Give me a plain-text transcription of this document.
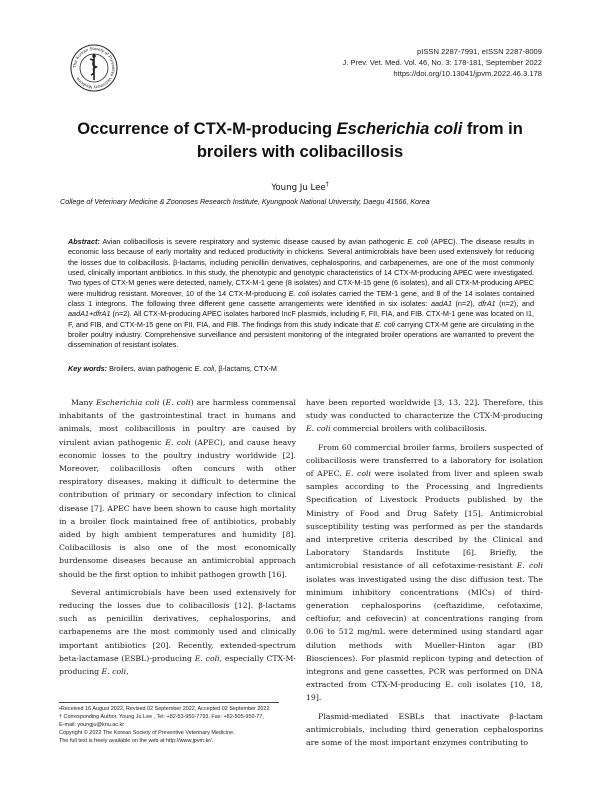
The Korean Society of Preventive Veterinary Medicine
pISSN 2287-7991, eISSN 2287-8009
J. Prev. Vet. Med. Vol. 46, No. 3: 178-181, September 2022
https://doi.org/10.13041/jpvm.2022.46.3.178
Occurrence of CTX-M-producing Escherichia coli from in
broilers with colibacillosis
Young Ju Lee†
College of Veterinary Medicine & Zoonoses Research Institute, Kyungpook National University, Daegu 41566, Korea
Abstract: Avian colibacillosis is severe respiratory and systemic disease caused by avian pathogenic E. coli (APEC). The disease results in economic loss because of early mortality and reduced productivity in chickens. Several antimicrobials have been used extensively for reducing the losses due to colibacillosis. β-lactams, including penicillin derivatives, cephalosporins, and carbapenemes, are one of the most commonly used, clinically important antibiotics. In this study, the phenotypic and genotypic characteristics of 14 CTX-M-producing APEC were investigated. Two types of CTX-M genes were detected, namely, CTX-M-1 gene (8 isolates) and CTX-M-15 gene (6 isolates), and all CTX-M-producing APEC were multidrug resistant. Moreover, 10 of the 14 CTX-M-producing E. coli isolates carried the TEM-1 gene, and 8 of the 14 isolates contained class 1 integrons. The following three different gene cassette arrangements were identified in six isolates: aadA1 (n=2), dfrA1 (n=2), and aadA1+dfrA1 (n=2). All CTX-M-producing APEC isolates harbored IncF plasmids, including F, FII, FIA, and FIB. CTX-M-1 gene was located on I1, F, and FIB, and CTX-M-15 gene on FII, FIA, and FIB. The findings from this study indicate that E. coli carrying CTX-M gene are circulating in the broiler poultry industry. Comprehensive surveillance and persistent monitoring of the integrated broiler operations are warranted to prevent the dissemination of resistant isolates.
Key words: Broilers, avian pathogenic E. coli, β-lactams, CTX-M

Many Escherichia coli (E. coli) are harmless commensal inhabitants of the gastrointestinal tract in humans and animals, most colibacillosis in poultry are caused by virulent avian pathogenic E. coli (APEC), and cause heavy economic losses to the poultry industry worldwide [2]. Moreover, colibacillosis often concurs with other respiratory diseases, making it difficult to determine the contribution of primary or secondary infection to clinical disease [7]. APEC have been shown to cause high mortality in a broiler flock maintained free of antibiotics, probably aided by high ambient temperatures and humidity [8]. Colibacillosis is also one of the most economically burdensome diseases because an antimicrobial approach should be the first option to inhibit pathogen growth [16].

Several antimicrobials have been used extensively for reducing the losses due to colibacillosis [12]. β-lactams such as penicillin derivatives, cephalosporins, and carbapenems are the most commonly used and clinically important antibiotics [20]. Recently, extended-spectrum beta-lactamase (ESBL)-producing E. coli, especially CTX-M-producing E. coli,

have been reported worldwide [3, 13, 22]. Therefore, this study was conducted to characterize the CTX-M-producing E. coli commercial broilers with colibacillosis.

From 60 commercial broiler farms, broilers suspected of colibacillosis were transferred to a laboratory for isolation of APEC. E. coli were isolated from liver and spleen swab samples according to the Processing and Ingredients Specification of Livestock Products published by the Ministry of Food and Drug Safety [15]. Antimicrobial susceptibility testing was performed as per the standards and interpretive criteria described by the Clinical and Laboratory Standards Institute [6]. Briefly, the antimicrobial resistance of all cefotaxime-resistant E. coli isolates was investigated using the disc diffusion test. The minimum inhibitory concentrations (MICs) of third-generation cephalosporins (ceftazidime, cefotaxime, ceftiofur, and cefovecin) at concentrations ranging from 0.06 to 512 mg/mL were determined using standard agar dilution methods with Mueller-Hinton agar (BD Biosciences). For plasmid replicon typing and detection of integrons and gene cassettes, PCR was performed on DNA extracted from CTX-M-producing E. coli isolates [10, 18, 19].

Plasmid-mediated ESBLs that inactivate β-lactam antimicrobials, including third generation cephalosporins are some of the most important enzymes contributing to

•Received 16 August 2022, Revised 02 September 2022, Accepted 02 September 2022
† Corresponding Author. Young Ju Lee , Tel: +82-53-950-7793, Fax: +82-505-950-77,
E-mail: youngju@knu.ac.kr
Copyright © 2022 The Korean Society of Preventive Veterinary Medicine.
The full text is freely available on the web at http://www.jpvm.kr/.
